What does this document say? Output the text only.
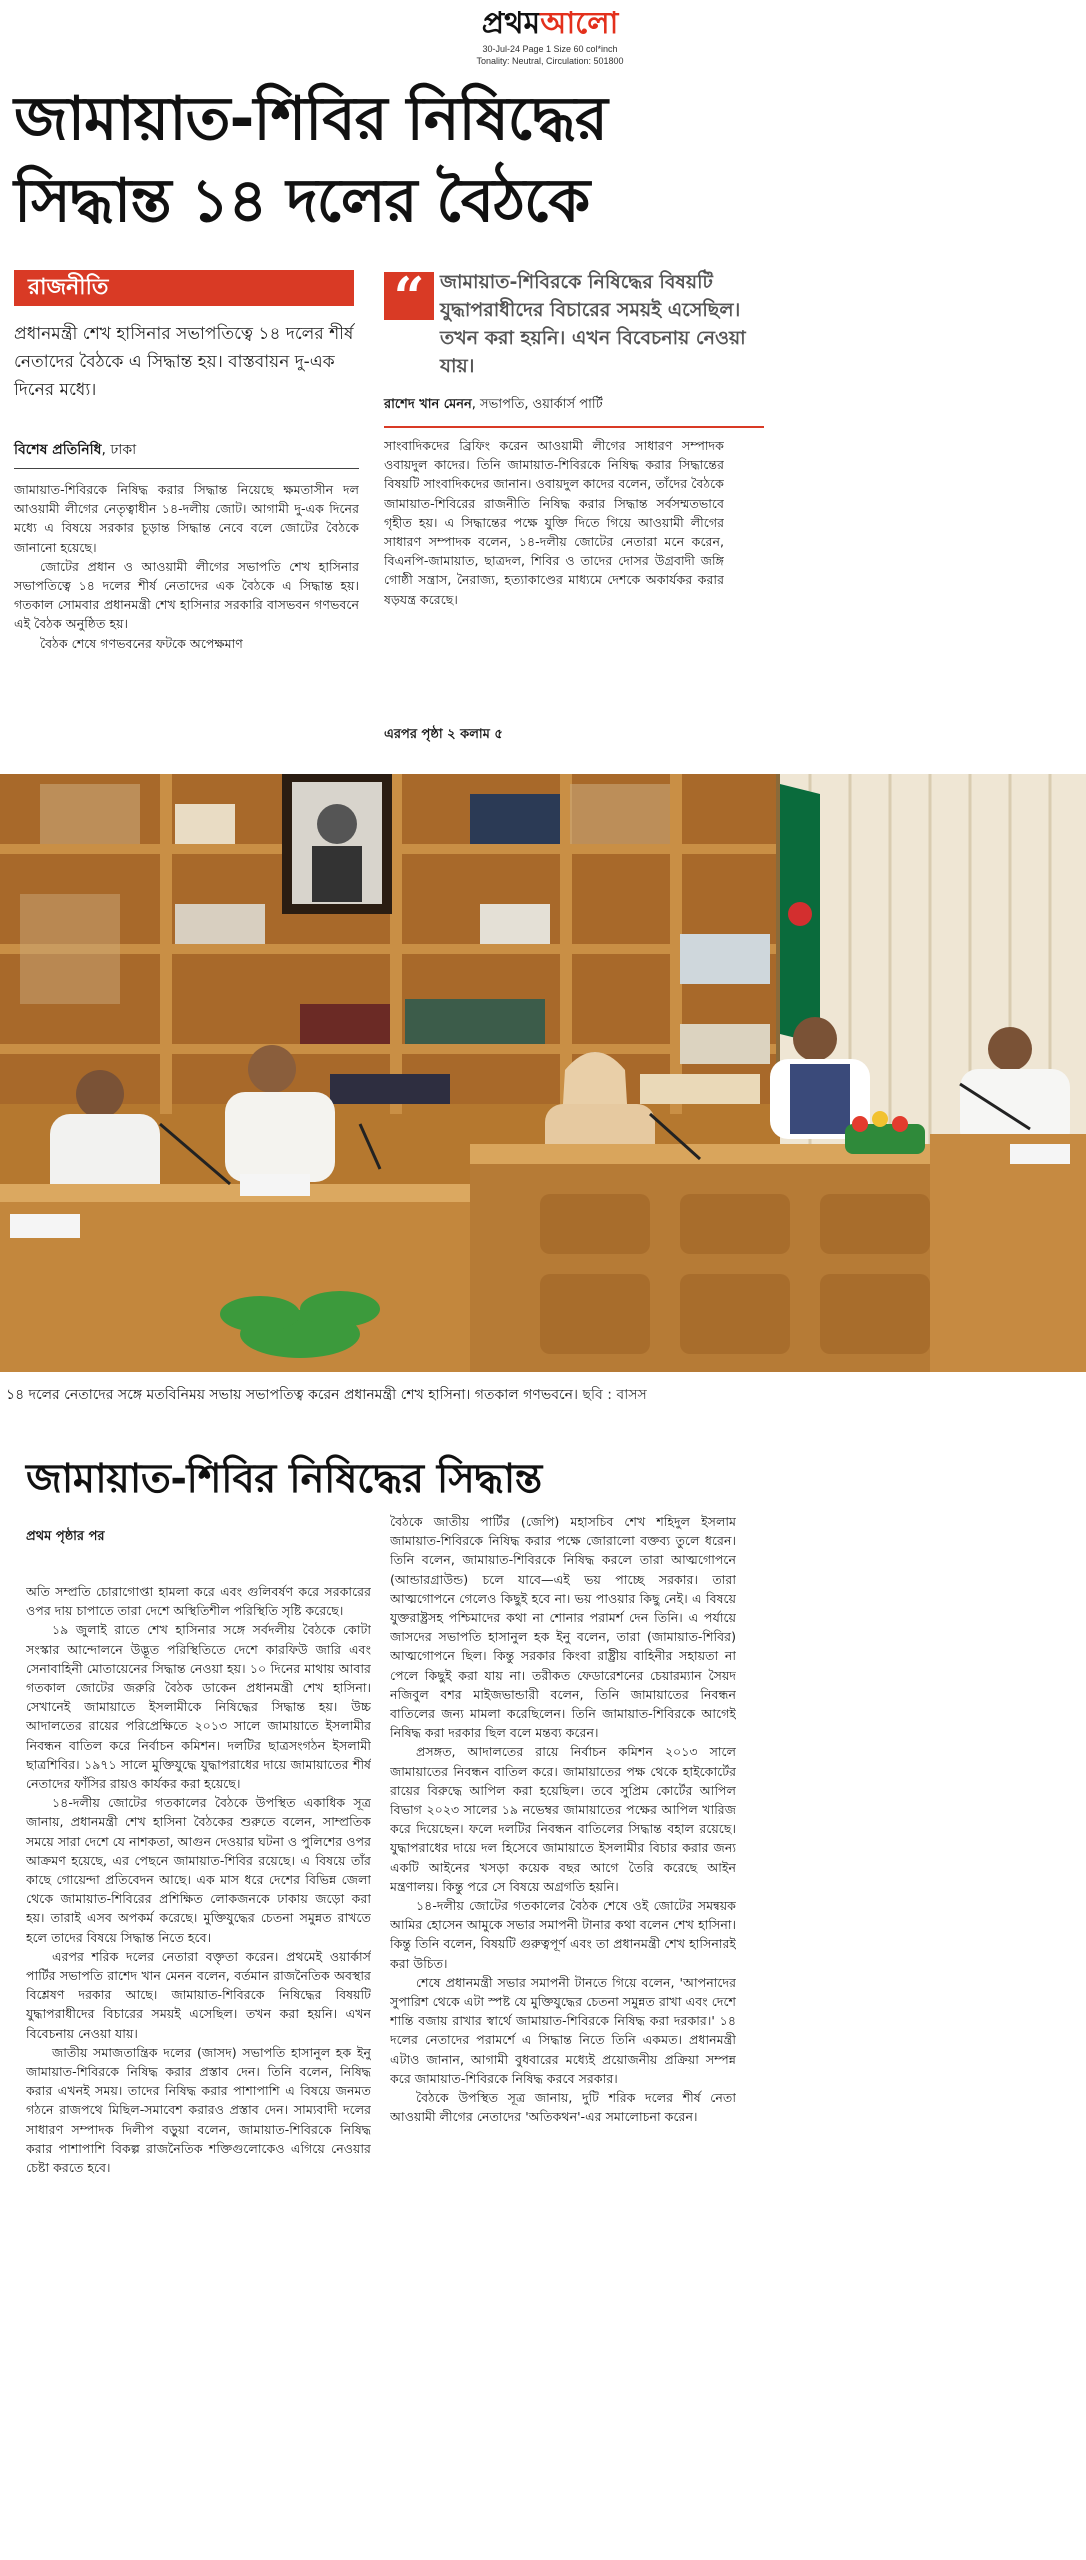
প্রথমআলো
30-Jul-24 Page 1 Size 60 col*inch
Tonality: Neutral, Circulation: 501800
জামায়াত-শিবির নিষিদ্ধের
সিদ্ধান্ত ১৪ দলের বৈঠকে
রাজনীতি
প্রধানমন্ত্রী শেখ হাসিনার সভাপতিত্বে ১৪ দলের শীর্ষ নেতাদের বৈঠকে এ সিদ্ধান্ত হয়। বাস্তবায়ন দু-এক দিনের মধ্যে।
বিশেষ প্রতিনিধি, ঢাকা

জামায়াত-শিবিরকে নিষিদ্ধ করার সিদ্ধান্ত নিয়েছে ক্ষমতাসীন দল আওয়ামী লীগের নেতৃত্বাধীন ১৪-দলীয় জোট। আগামী দু-এক দিনের মধ্যে এ বিষয়ে সরকার চূড়ান্ত সিদ্ধান্ত নেবে বলে জোটের বৈঠকে জানানো হয়েছে।

জোটের প্রধান ও আওয়ামী লীগের সভাপতি শেখ হাসিনার সভাপতিত্বে ১৪ দলের শীর্ষ নেতাদের এক বৈঠকে এ সিদ্ধান্ত হয়। গতকাল সোমবার প্রধানমন্ত্রী শেখ হাসিনার সরকারি বাসভবন গণভবনে এই বৈঠক অনুষ্ঠিত হয়।

বৈঠক শেষে গণভবনের ফটকে অপেক্ষমাণ

“ জামায়াত-শিবিরকে নিষিদ্ধের বিষয়টি যুদ্ধাপরাধীদের বিচারের সময়ই এসেছিল। তখন করা হয়নি। এখন বিবেচনায় নেওয়া যায়।
রাশেদ খান মেনন, সভাপতি, ওয়ার্কার্স পার্টি

সাংবাদিকদের ব্রিফিং করেন আওয়ামী লীগের সাধারণ সম্পাদক ওবায়দুল কাদের। তিনি জামায়াত-শিবিরকে নিষিদ্ধ করার সিদ্ধান্তের বিষয়টি সাংবাদিকদের জানান। ওবায়দুল কাদের বলেন, তাঁদের বৈঠকে জামায়াত-শিবিরের রাজনীতি নিষিদ্ধ করার সিদ্ধান্ত সর্বসম্মতভাবে গৃহীত হয়। এ সিদ্ধান্তের পক্ষে যুক্তি দিতে গিয়ে আওয়ামী লীগের সাধারণ সম্পাদক বলেন, ১৪-দলীয় জোটের নেতারা মনে করেন, বিএনপি-জামায়াত, ছাত্রদল, শিবির ও তাদের দোসর উগ্রবাদী জঙ্গি গোষ্ঠী সন্ত্রাস, নৈরাজ্য, হত্যাকাণ্ডের মাধ্যমে দেশকে অকার্যকর করার ষড়যন্ত্র করেছে।

এরপর পৃষ্ঠা ২ কলাম ৫
১৪ দলের নেতাদের সঙ্গে মতবিনিময় সভায় সভাপতিত্ব করেন প্রধানমন্ত্রী শেখ হাসিনা। গতকাল গণভবনে। ছবি : বাসস
জামায়াত-শিবির নিষিদ্ধের সিদ্ধান্ত
প্রথম পৃষ্ঠার পর

অতি সম্প্রতি চোরাগোপ্তা হামলা করে এবং গুলিবর্ষণ করে সরকারের ওপর দায় চাপাতে তারা দেশে অস্থিতিশীল পরিস্থিতি সৃষ্টি করেছে।

১৯ জুলাই রাতে শেখ হাসিনার সঙ্গে সর্বদলীয় বৈঠকে কোটা সংস্কার আন্দোলনে উদ্ভূত পরিস্থিতিতে দেশে কারফিউ জারি এবং সেনাবাহিনী মোতায়েনের সিদ্ধান্ত নেওয়া হয়। ১০ দিনের মাথায় আবার গতকাল জোটের জরুরি বৈঠক ডাকেন প্রধানমন্ত্রী শেখ হাসিনা। সেখানেই জামায়াতে ইসলামীকে নিষিদ্ধের সিদ্ধান্ত হয়। উচ্চ আদালতের রায়ের পরিপ্রেক্ষিতে ২০১৩ সালে জামায়াতে ইসলামীর নিবন্ধন বাতিল করে নির্বাচন কমিশন। দলটির ছাত্রসংগঠন ইসলামী ছাত্রশিবির। ১৯৭১ সালে মুক্তিযুদ্ধে যুদ্ধাপরাধের দায়ে জামায়াতের শীর্ষ নেতাদের ফাঁসির রায়ও কার্যকর করা হয়েছে।

১৪-দলীয় জোটের গতকালের বৈঠকে উপস্থিত একাধিক সূত্র জানায়, প্রধানমন্ত্রী শেখ হাসিনা বৈঠকের শুরুতে বলেন, সাম্প্রতিক সময়ে সারা দেশে যে নাশকতা, আগুন দেওয়ার ঘটনা ও পুলিশের ওপর আক্রমণ হয়েছে, এর পেছনে জামায়াত-শিবির রয়েছে। এ বিষয়ে তাঁর কাছে গোয়েন্দা প্রতিবেদন আছে। এক মাস ধরে দেশের বিভিন্ন জেলা থেকে জামায়াত-শিবিরের প্রশিক্ষিত লোকজনকে ঢাকায় জড়ো করা হয়। তারাই এসব অপকর্ম করেছে। মুক্তিযুদ্ধের চেতনা সমুন্নত রাখতে হলে তাদের বিষয়ে সিদ্ধান্ত নিতে হবে।

এরপর শরিক দলের নেতারা বক্তৃতা করেন। প্রথমেই ওয়ার্কার্স পার্টির সভাপতি রাশেদ খান মেনন বলেন, বর্তমান রাজনৈতিক অবস্থার বিশ্লেষণ দরকার আছে। জামায়াত-শিবিরকে নিষিদ্ধের বিষয়টি যুদ্ধাপরাধীদের বিচারের সময়ই এসেছিল। তখন করা হয়নি। এখন বিবেচনায় নেওয়া যায়।

জাতীয় সমাজতান্ত্রিক দলের (জাসদ) সভাপতি হাসানুল হক ইনু জামায়াত-শিবিরকে নিষিদ্ধ করার প্রস্তাব দেন। তিনি বলেন, নিষিদ্ধ করার এখনই সময়। তাদের নিষিদ্ধ করার পাশাপাশি এ বিষয়ে জনমত গঠনে রাজপথে মিছিল-সমাবেশ করারও প্রস্তাব দেন। সাম্যবাদী দলের সাধারণ সম্পাদক দিলীপ বড়ুয়া বলেন, জামায়াত-শিবিরকে নিষিদ্ধ করার পাশাপাশি বিকল্প রাজনৈতিক শক্তিগুলোকেও এগিয়ে নেওয়ার চেষ্টা করতে হবে।

বৈঠকে জাতীয় পার্টির (জেপি) মহাসচিব শেখ শহিদুল ইসলাম জামায়াত-শিবিরকে নিষিদ্ধ করার পক্ষে জোরালো বক্তব্য তুলে ধরেন। তিনি বলেন, জামায়াত-শিবিরকে নিষিদ্ধ করলে তারা আত্মগোপনে (আন্ডারগ্রাউন্ড) চলে যাবে—এই ভয় পাচ্ছে সরকার। তারা আত্মগোপনে গেলেও কিছুই হবে না। ভয় পাওয়ার কিছু নেই। এ বিষয়ে যুক্তরাষ্ট্রসহ পশ্চিমাদের কথা না শোনার পরামর্শ দেন তিনি। এ পর্যায়ে জাসদের সভাপতি হাসানুল হক ইনু বলেন, তারা (জামায়াত-শিবির) আত্মগোপনে ছিল। কিন্তু সরকার কিংবা রাষ্ট্রীয় বাহিনীর সহায়তা না পেলে কিছুই করা যায় না। তরীকত ফেডারেশনের চেয়ারম্যান সৈয়দ নজিবুল বশর মাইজভান্ডারী বলেন, তিনি জামায়াতের নিবন্ধন বাতিলের জন্য মামলা করেছিলেন। তিনি জামায়াত-শিবিরকে আগেই নিষিদ্ধ করা দরকার ছিল বলে মন্তব্য করেন।

প্রসঙ্গত, আদালতের রায়ে নির্বাচন কমিশন ২০১৩ সালে জামায়াতের নিবন্ধন বাতিল করে। জামায়াতের পক্ষ থেকে হাইকোর্টের রায়ের বিরুদ্ধে আপিল করা হয়েছিল। তবে সুপ্রিম কোর্টের আপিল বিভাগ ২০২৩ সালের ১৯ নভেম্বর জামায়াতের পক্ষের আপিল খারিজ করে দিয়েছেন। ফলে দলটির নিবন্ধন বাতিলের সিদ্ধান্ত বহাল রয়েছে। যুদ্ধাপরাধের দায়ে দল হিসেবে জামায়াতে ইসলামীর বিচার করার জন্য একটি আইনের খসড়া কয়েক বছর আগে তৈরি করেছে আইন মন্ত্রণালয়। কিন্তু পরে সে বিষয়ে অগ্রগতি হয়নি।

১৪-দলীয় জোটের গতকালের বৈঠক শেষে ওই জোটের সমন্বয়ক আমির হোসেন আমুকে সভার সমাপনী টানার কথা বলেন শেখ হাসিনা। কিন্তু তিনি বলেন, বিষয়টি গুরুত্বপূর্ণ এবং তা প্রধানমন্ত্রী শেখ হাসিনারই করা উচিত।

শেষে প্রধানমন্ত্রী সভার সমাপনী টানতে গিয়ে বলেন, 'আপনাদের সুপারিশ থেকে এটা স্পষ্ট যে মুক্তিযুদ্ধের চেতনা সমুন্নত রাখা এবং দেশে শান্তি বজায় রাখার স্বার্থে জামায়াত-শিবিরকে নিষিদ্ধ করা দরকার।' ১৪ দলের নেতাদের পরামর্শে এ সিদ্ধান্ত নিতে তিনি একমত। প্রধানমন্ত্রী এটাও জানান, আগামী বুধবারের মধ্যেই প্রয়োজনীয় প্রক্রিয়া সম্পন্ন করে জামায়াত-শিবিরকে নিষিদ্ধ করবে সরকার।

বৈঠকে উপস্থিত সূত্র জানায়, দুটি শরিক দলের শীর্ষ নেতা আওয়ামী লীগের নেতাদের 'অতিকথন'-এর সমালোচনা করেন।
